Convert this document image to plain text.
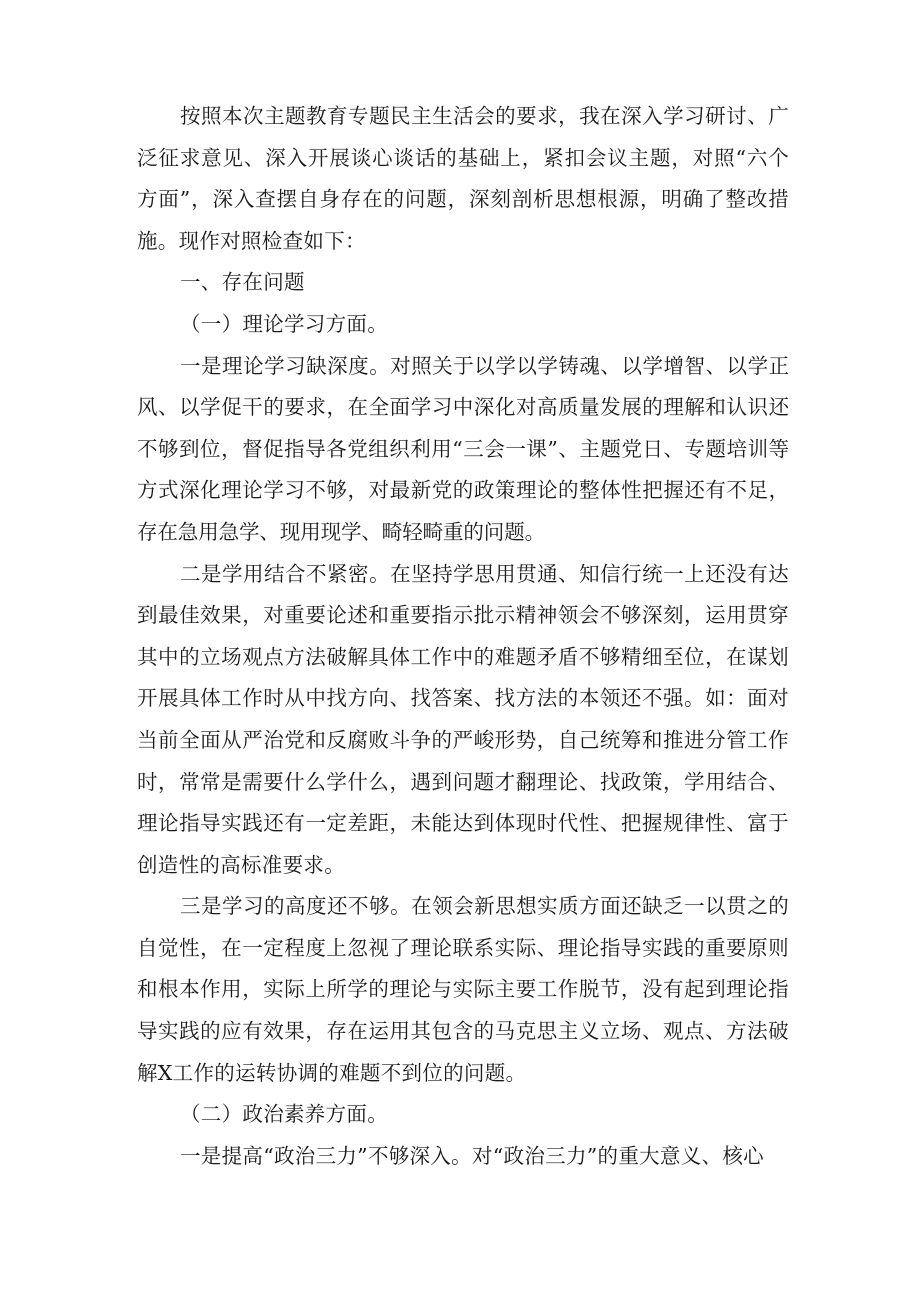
按照本次主题教育专题民主生活会的要求，我在深入学习研讨、广泛征求意见、深入开展谈心谈话的基础上，紧扣会议主题，对照“六个方面”，深入查摆自身存在的问题，深刻剖析思想根源，明确了整改措施。现作对照检查如下：

一、存在问题

（一）理论学习方面。

一是理论学习缺深度。对照关于以学以学铸魂、以学增智、以学正风、以学促干的要求，在全面学习中深化对高质量发展的理解和认识还不够到位，督促指导各党组织利用“三会一课”、主题党日、专题培训等方式深化理论学习不够，对最新党的政策理论的整体性把握还有不足，存在急用急学、现用现学、畸轻畸重的问题。

二是学用结合不紧密。在坚持学思用贯通、知信行统一上还没有达到最佳效果，对重要论述和重要指示批示精神领会不够深刻，运用贯穿其中的立场观点方法破解具体工作中的难题矛盾不够精细至位，在谋划开展具体工作时从中找方向、找答案、找方法的本领还不强。如：面对当前全面从严治党和反腐败斗争的严峻形势，自己统筹和推进分管工作时，常常是需要什么学什么，遇到问题才翻理论、找政策，学用结合、理论指导实践还有一定差距，未能达到体现时代性、把握规律性、富于创造性的高标准要求。

三是学习的高度还不够。在领会新思想实质方面还缺乏一以贯之的自觉性，在一定程度上忽视了理论联系实际、理论指导实践的重要原则和根本作用，实际上所学的理论与实际主要工作脱节，没有起到理论指导实践的应有效果，存在运用其包含的马克思主义立场、观点、方法破解X工作的运转协调的难题不到位的问题。

（二）政治素养方面。

一是提高“政治三力”不够深入。对“政治三力”的重大意义、核心
